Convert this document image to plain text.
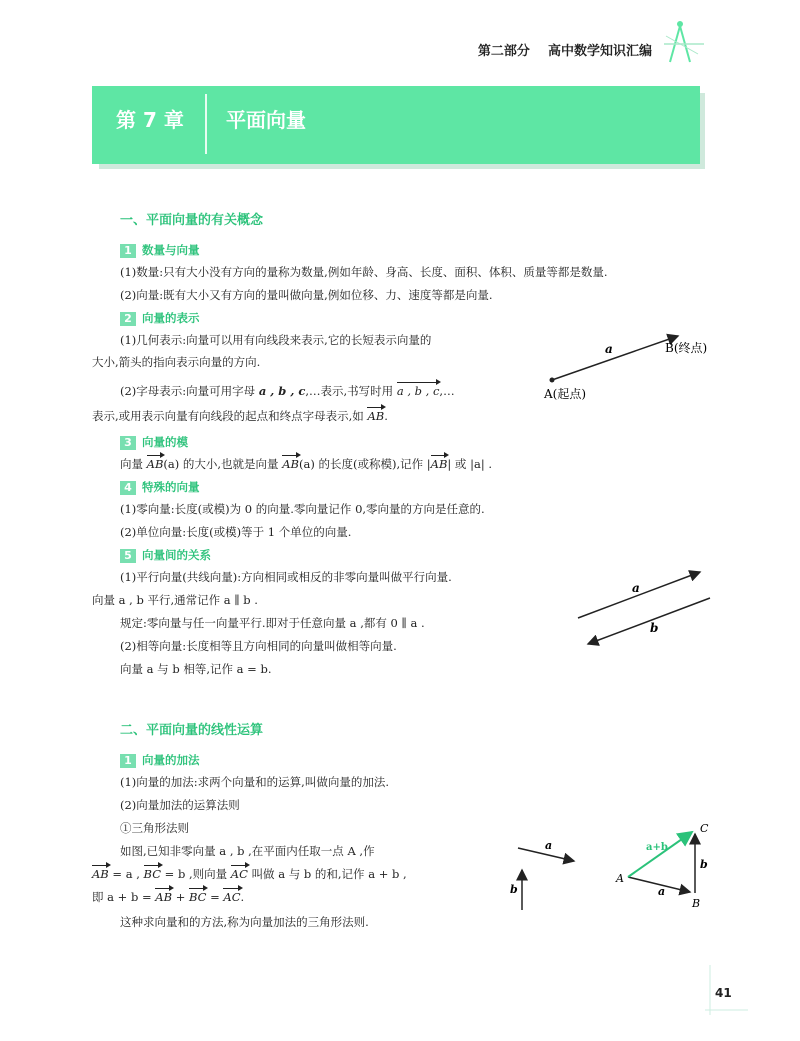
第二部分 高中数学知识汇编
第 7 章 平面向量
一、平面向量的有关概念
1 数量与向量
(1)数量:只有大小没有方向的量称为数量,例如年龄、身高、长度、面积、体积、质量等都是数量.
(2)向量:既有大小又有方向的量叫做向量,例如位移、力、速度等都是向量.
2 向量的表示
(1)几何表示:向量可以用有向线段来表示,它的长短表示向量的
大小,箭头的指向表示向量的方向.
(2)字母表示:向量可用字母 a , b , c,…表示,书写时用 a , b , c,…
表示,或用表示向量有向线段的起点和终点字母表示,如 AB.
a	B(终点)
A(起点)
3 向量的模
向量 AB(a) 的大小,也就是向量 AB(a) 的长度(或称模),记作 |AB| 或 |a| .
4 特殊的向量
(1)零向量:长度(或模)为 0 的向量.零向量记作 0,零向量的方向是任意的.
(2)单位向量:长度(或模)等于 1 个单位的向量.
5 向量间的关系
(1)平行向量(共线向量):方向相同或相反的非零向量叫做平行向量.
向量 a , b 平行,通常记作 a ∥ b .
规定:零向量与任一向量平行.即对于任意向量 a ,都有 0 ∥ a .
(2)相等向量:长度相等且方向相同的向量叫做相等向量.
向量 a 与 b 相等,记作 a = b.
a
b
二、平面向量的线性运算
1 向量的加法
(1)向量的加法:求两个向量和的运算,叫做向量的加法.
(2)向量加法的运算法则
①三角形法则
如图,已知非零向量 a , b ,在平面内任取一点 A ,作
AB = a , BC = b ,则向量 AC 叫做 a 与 b 的和,记作 a + b ,
即 a + b = AB + BC = AC.
这种求向量和的方法,称为向量加法的三角形法则.
a
b
a+b
a
b
A
B
C
41
